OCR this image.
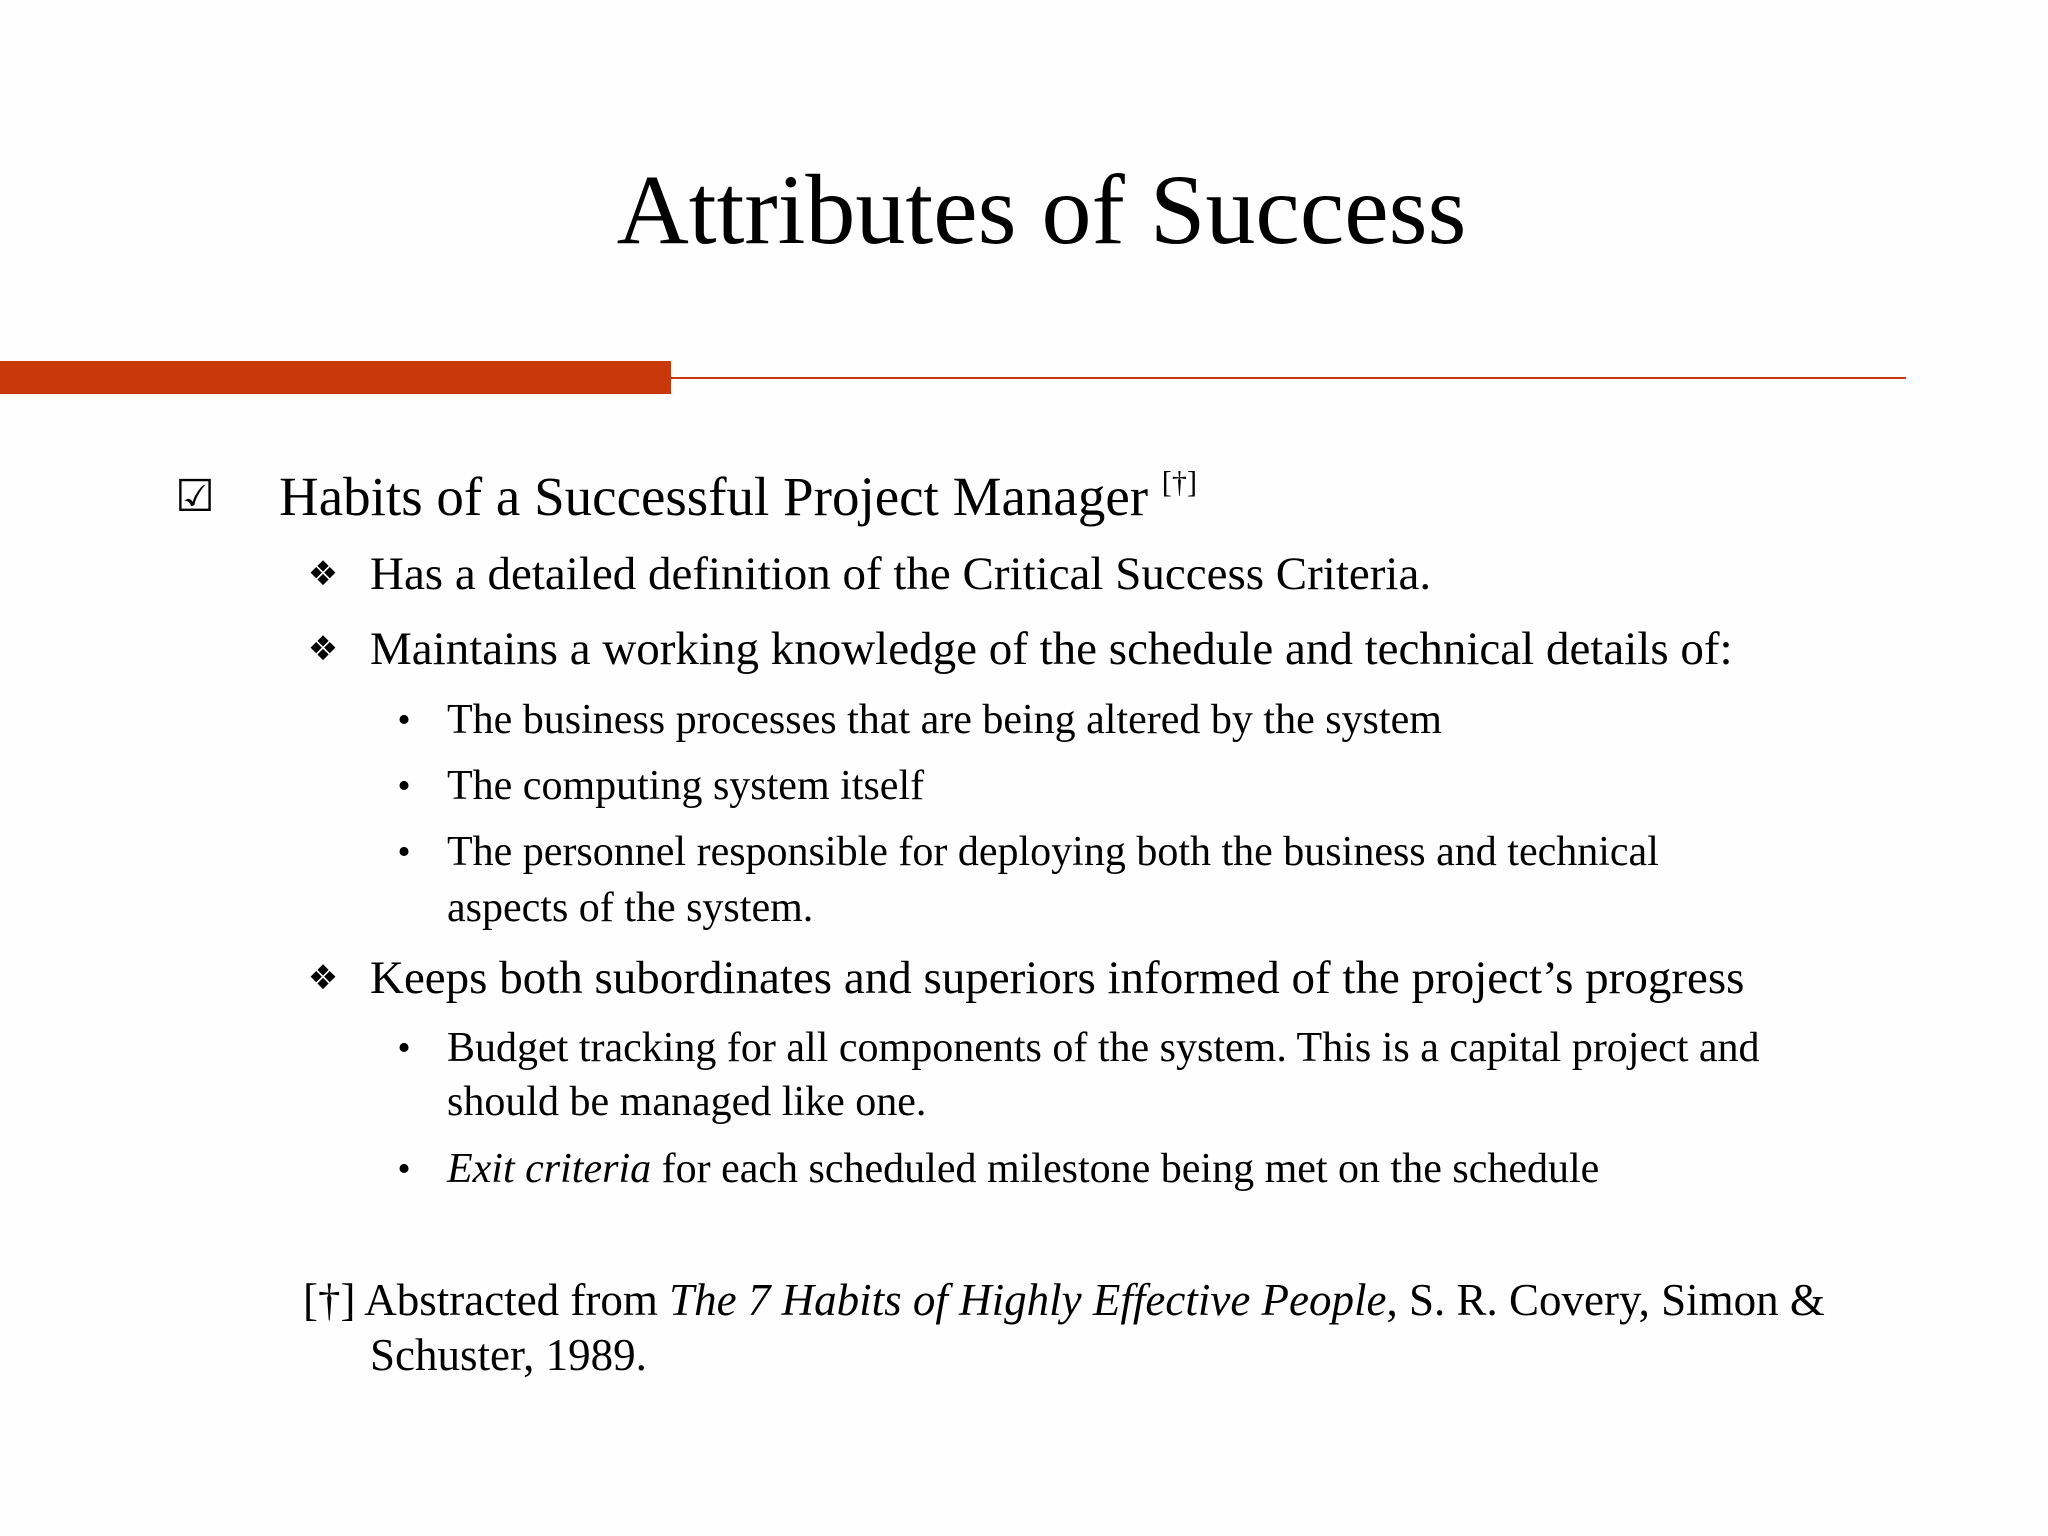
Attributes of Success
☑ Habits of a Successful Project Manager [†]
❖ Has a detailed definition of the Critical Success Criteria.
❖ Maintains a working knowledge of the schedule and technical details of:
• The business processes that are being altered by the system
• The computing system itself
• The personnel responsible for deploying both the business and technical
aspects of the system.
❖ Keeps both subordinates and superiors informed of the project’s progress
• Budget tracking for all components of the system. This is a capital project and
should be managed like one.
• Exit criteria for each scheduled milestone being met on the schedule
[†] Abstracted from The 7 Habits of Highly Effective People, S. R. Covery, Simon &
Schuster, 1989.
